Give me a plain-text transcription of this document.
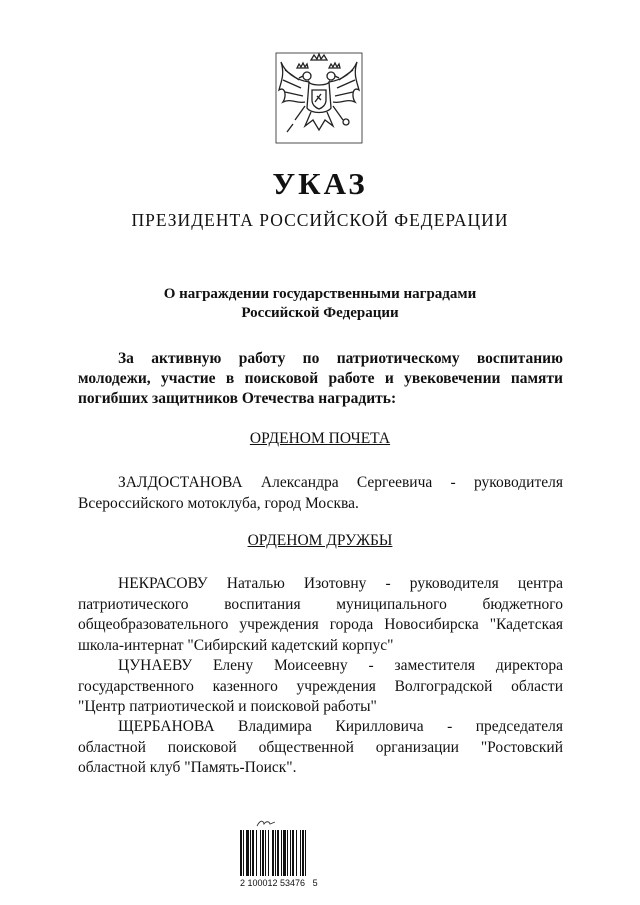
УКАЗ
ПРЕЗИДЕНТА РОССИЙСКОЙ ФЕДЕРАЦИИ
О награждении государственными наградами
Российской Федерации
За активную работу по патриотическому воспитанию
молодежи, участие в поисковой работе и увековечении памяти
погибших защитников Отечества наградить:
ОРДЕНОМ ПОЧЕТА
ЗАЛДОСТАНОВА Александра Сергеевича - руководителя
Всероссийского мотоклуба, город Москва.
ОРДЕНОМ ДРУЖБЫ
НЕКРАСОВУ Наталью Изотовну - руководителя центра
патриотического воспитания муниципального бюджетного
общеобразовательного учреждения города Новосибирска "Кадетская
школа-интернат "Сибирский кадетский корпус"
ЦУНАЕВУ Елену Моисеевну - заместителя директора
государственного казенного учреждения Волгоградской области
"Центр патриотической и поисковой работы"
ЩЕРБАНОВА Владимира Кирилловича - председателя
областной поисковой общественной организации "Ростовский
областной клуб "Память-Поиск".
2 100012 53476   5
